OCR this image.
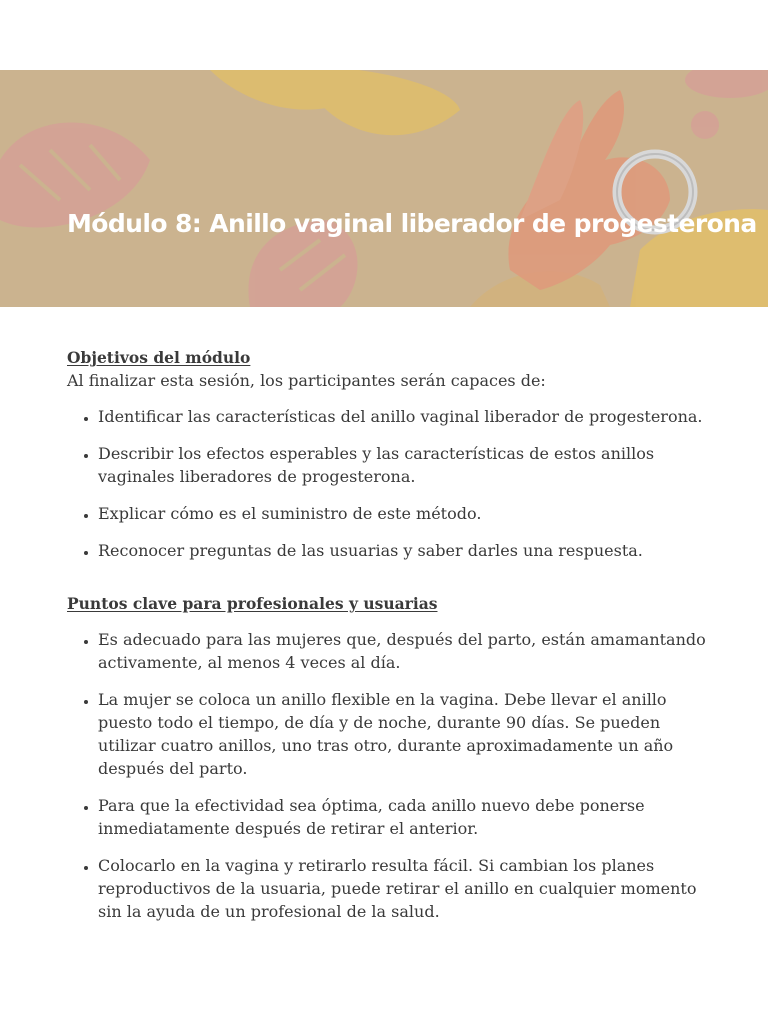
Módulo 8: Anillo vaginal liberador de progesterona
Objetivos del módulo

Al finalizar esta sesión, los participantes serán capaces de:

• Identificar las características del anillo vaginal liberador de progesterona.
• Describir los efectos esperables y las características de estos anillos vaginales liberadores de progesterona.
• Explicar cómo es el suministro de este método.
• Reconocer preguntas de las usuarias y saber darles una respuesta.
Puntos clave para profesionales y usuarias
• Es adecuado para las mujeres que, después del parto, están amamantando activamente, al menos 4 veces al día.
• La mujer se coloca un anillo flexible en la vagina. Debe llevar el anillo puesto todo el tiempo, de día y de noche, durante 90 días. Se pueden utilizar cuatro anillos, uno tras otro, durante aproximadamente un año después del parto.
• Para que la efectividad sea óptima, cada anillo nuevo debe ponerse inmediatamente después de retirar el anterior.
• Colocarlo en la vagina y retirarlo resulta fácil. Si cambian los planes reproductivos de la usuaria, puede retirar el anillo en cualquier momento sin la ayuda de un profesional de la salud.
